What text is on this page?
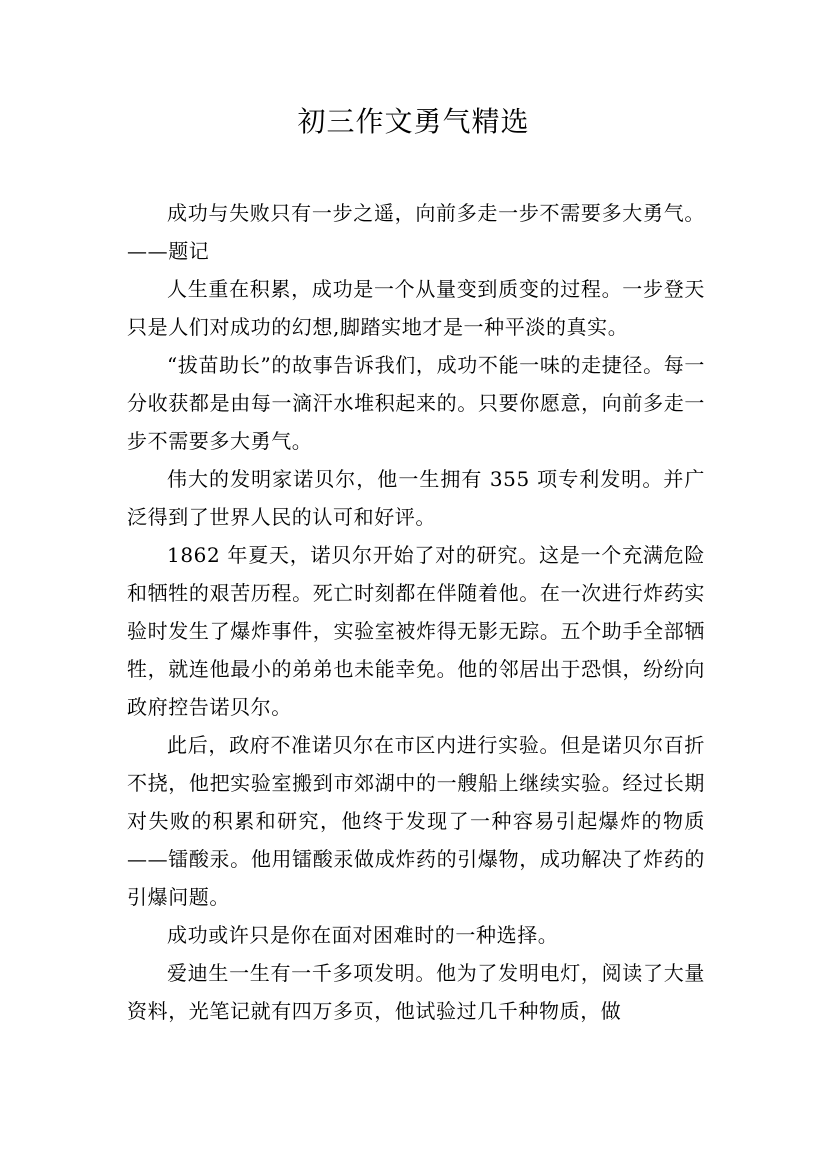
初三作文勇气精选

成功与失败只有一步之遥，向前多走一步不需要多大勇气。——题记

人生重在积累，成功是一个从量变到质变的过程。一步登天只是人们对成功的幻想,脚踏实地才是一种平淡的真实。

“拔苗助长”的故事告诉我们，成功不能一味的走捷径。每一分收获都是由每一滴汗水堆积起来的。只要你愿意，向前多走一步不需要多大勇气。

伟大的发明家诺贝尔，他一生拥有 355 项专利发明。并广泛得到了世界人民的认可和好评。

1862 年夏天，诺贝尔开始了对的研究。这是一个充满危险和牺牲的艰苦历程。死亡时刻都在伴随着他。在一次进行炸药实验时发生了爆炸事件，实验室被炸得无影无踪。五个助手全部牺牲，就连他最小的弟弟也未能幸免。他的邻居出于恐惧，纷纷向政府控告诺贝尔。

此后，政府不准诺贝尔在市区内进行实验。但是诺贝尔百折不挠，他把实验室搬到市郊湖中的一艘船上继续实验。经过长期对失败的积累和研究，他终于发现了一种容易引起爆炸的物质——镭酸汞。他用镭酸汞做成炸药的引爆物，成功解决了炸药的引爆问题。

成功或许只是你在面对困难时的一种选择。

爱迪生一生有一千多项发明。他为了发明电灯，阅读了大量资料，光笔记就有四万多页，他试验过几千种物质，做
